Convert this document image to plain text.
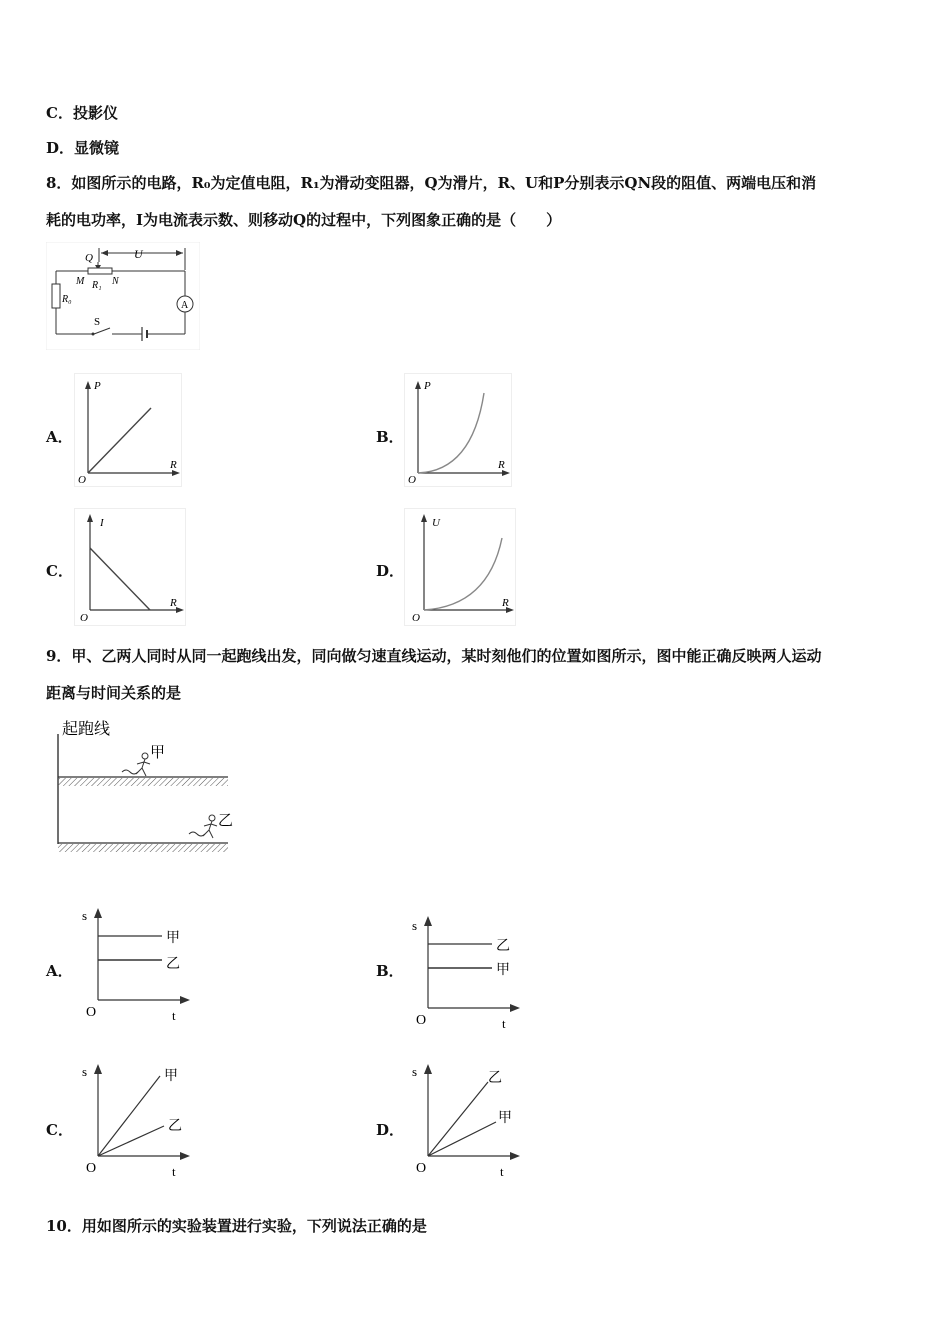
C．投影仪
D．显微镜
8．如图所示的电路，R₀为定值电阻，R₁为滑动变阻器，Q为滑片，R、U和P分别表示QN段的阻值、两端电压和消
耗的电功率，I为电流表示数、则移动Q的过程中，下列图象正确的是（　　）
U
Q
M R₁ N
R₀
A
S
A．
P
R
O
B．
P
R
O
C．
I
R
O
D．
U
R
O
9．甲、乙两人同时从同一起跑线出发，同向做匀速直线运动，某时刻他们的位置如图所示，图中能正确反映两人运动
距离与时间关系的是
起跑线
甲
乙
A．
s
t
O
甲
乙	B．
s
t
O
乙
甲
C．
s
t
O
甲
乙	D．
s
t
O
乙
甲
10．用如图所示的实验装置进行实验，下列说法正确的是
